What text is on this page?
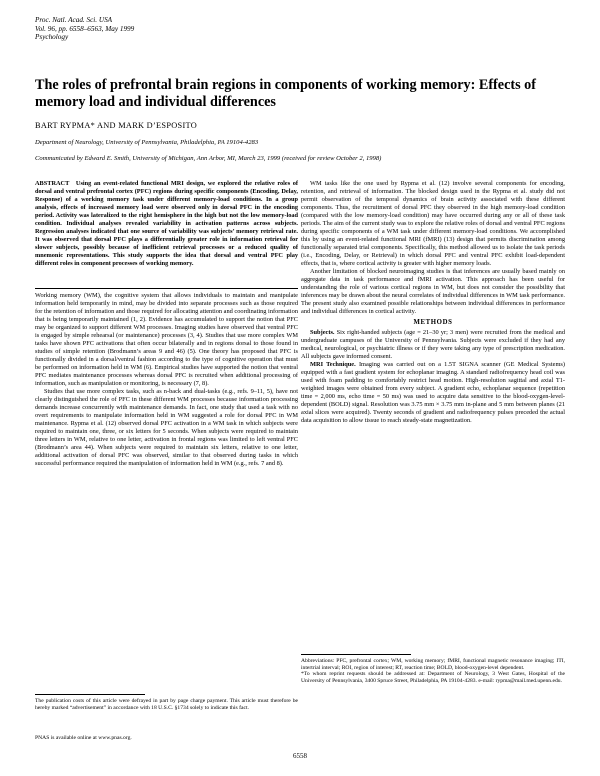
Proc. Natl. Acad. Sci. USA
Vol. 96, pp. 6558–6563, May 1999
Psychology
The roles of prefrontal brain regions in components of working memory: Effects of memory load and individual differences
BART RYPMA* AND MARK D’ESPOSITO
Department of Neurology, University of Pennsylvania, Philadelphia, PA 19104-4283
Communicated by Edward E. Smith, University of Michigan, Ann Arbor, MI, March 23, 1999 (received for review October 2, 1998)
ABSTRACT Using an event-related functional MRI design, we explored the relative roles of dorsal and ventral prefrontal cortex (PFC) regions during specific components (Encoding, Delay, Response) of a working memory task under different memory-load conditions. In a group analysis, effects of increased memory load were observed only in dorsal PFC in the encoding period. Activity was lateralized to the right hemisphere in the high but not the low memory-load condition. Individual analyses revealed variability in activation patterns across subjects. Regression analyses indicated that one source of variability was subjects’ memory retrieval rate. It was observed that dorsal PFC plays a differentially greater role in information retrieval for slower subjects, possibly because of inefficient retrieval processes or a reduced quality of mnemonic representations. This study supports the idea that dorsal and ventral PFC play different roles in component processes of working memory.

Working memory (WM), the cognitive system that allows individuals to maintain and manipulate information held temporarily in mind, may be divided into separate processes such as those required for the retention of information and those required for allocating attention and coordinating information that is being temporarily maintained (1, 2). Evidence has accumulated to support the notion that PFC may be organized to support different WM processes. Imaging studies have observed that ventral PFC is engaged by simple rehearsal (or maintenance) processes (3, 4). Studies that use more complex WM tasks have shown PFC activations that often occur bilaterally and in regions dorsal to those found in studies of simple retention (Brodmann’s areas 9 and 46) (5). One theory has proposed that PFC is functionally divided in a dorsal/ventral fashion according to the type of cognitive operation that must be performed on information held in WM (6). Empirical studies have supported the notion that ventral PFC mediates maintenance processes whereas dorsal PFC is recruited when additional processing of information, such as manipulation or monitoring, is necessary (7, 8).

Studies that use more complex tasks, such as n-back and dual-tasks (e.g., refs. 9–11, 5), have not clearly distinguished the role of PFC in these different WM processes because information processing demands increase concurrently with maintenance demands. In fact, one study that used a task with no overt requirements to manipulate information held in WM suggested a role for dorsal PFC in WM maintenance. Rypma et al. (12) observed dorsal PFC activation in a WM task in which subjects were required to maintain one, three, or six letters for 5 seconds. When subjects were required to maintain three letters in WM, relative to one letter, activation in frontal regions was limited to left ventral PFC (Brodmann’s area 44). When subjects were required to maintain six letters, relative to one letter, additional activation of dorsal PFC was observed, similar to that observed during tasks in which successful performance required the manipulation of information held in WM (e.g., refs. 7 and 8).

The publication costs of this article were defrayed in part by page charge payment. This article must therefore be hereby marked “advertisement” in accordance with 18 U.S.C. §1734 solely to indicate this fact.
PNAS is available online at www.pnas.org.

WM tasks like the one used by Rypma et al. (12) involve several components for encoding, retention, and retrieval of information. The blocked design used in the Rypma et al. study did not permit observation of the temporal dynamics of brain activity associated with these different components. Thus, the recruitment of dorsal PFC they observed in the high memory-load condition (compared with the low memory-load condition) may have occurred during any or all of these task periods. The aim of the current study was to explore the relative roles of dorsal and ventral PFC regions during specific components of a WM task under different memory-load conditions. We accomplished this by using an event-related functional MRI (fMRI) (13) design that permits discrimination among functionally separated trial components. Specifically, this method allowed us to isolate the task periods (i.e., Encoding, Delay, or Retrieval) in which dorsal PFC and ventral PFC exhibit load-dependent effects, that is, where cortical activity is greater with higher memory loads.

Another limitation of blocked neuroimaging studies is that inferences are usually based mainly on aggregate data in task performance and fMRI activation. This approach has been useful for understanding the role of various cortical regions in WM, but does not consider the possibility that inferences may be drawn about the neural correlates of individual differences in WM task performance. The present study also examined possible relationships between individual differences in performance and individual differences in cortical activity.

METHODS

Subjects. Six right-handed subjects (age = 21–30 yr; 3 men) were recruited from the medical and undergraduate campuses of the University of Pennsylvania. Subjects were excluded if they had any medical, neurological, or psychiatric illness or if they were taking any type of prescription medication. All subjects gave informed consent.

MRI Technique. Imaging was carried out on a 1.5T SIGNA scanner (GE Medical Systems) equipped with a fast gradient system for echoplanar imaging. A standard radiofrequency head coil was used with foam padding to comfortably restrict head motion. High-resolution sagittal and axial T1-weighted images were obtained from every subject. A gradient echo, echoplanar sequence (repetition time = 2,000 ms, echo time = 50 ms) was used to acquire data sensitive to the blood-oxygen-level-dependent (BOLD) signal. Resolution was 3.75 mm × 3.75 mm in-plane and 5 mm between planes (21 axial slices were acquired). Twenty seconds of gradient and radiofrequency pulses preceded the actual data acquisition to allow tissue to reach steady-state magnetization.

Abbreviations: PFC, prefrontal cortex; WM, working memory; fMRI, functional magnetic resonance imaging; ITI, intertrial interval; ROI, region of interest; RT, reaction time; BOLD, blood-oxygen-level dependent.
*To whom reprint requests should be addressed at: Department of Neurology, 3 West Gates, Hospital of the University of Pennsylvania, 3400 Spruce Street, Philadelphia, PA 19104-4283. e-mail: rypma@mail.med.upenn.edu.
6558
